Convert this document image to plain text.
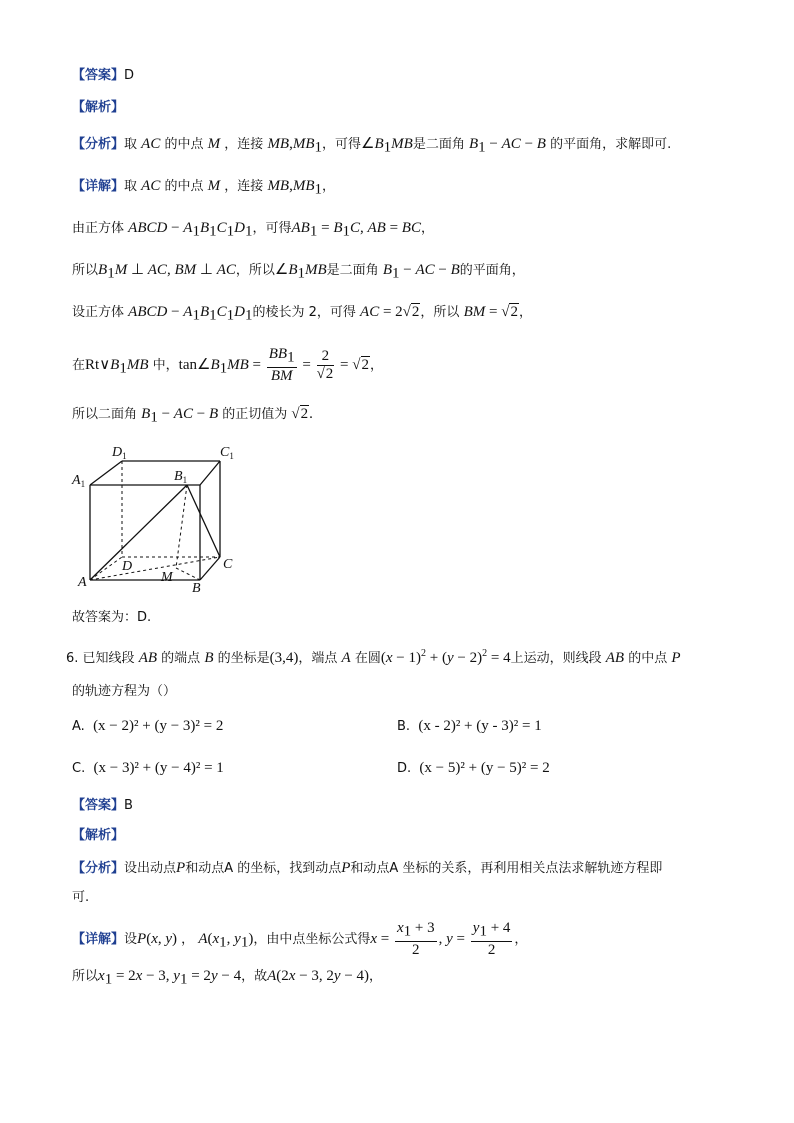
【答案】D
【解析】
【分析】取 AC 的中点 M ，连接 $MB,MB_1$，可得$\angle B_1MB$是二面角 $B_1$ − AC − B 的平面角，求解即可.
【详解】取 AC 的中点 M ，连接 $MB,MB_1$，
由正方体 ABCD − $A_1B_1C_1D_1$，可得$AB_1 = B_1C$, AB = BC，
所以$B_1M$ ⊥ AC, BM ⊥ AC，所以$\angle B_1MB$是二面角 $B_1$ − AC − B的平面角，
设正方体 ABCD − $A_1B_1C_1D_1$的棱长为 2，可得 AC = 2√2，所以 BM = √2，
在$Rt\vee B_1MB$ 中，$\tan\angle B_1MB = \frac{BB_1}{BM} = \frac{2}{√2} = √2$，
所以二面角 $B_1$ − AC − B 的正切值为 √2.
$D_1$	$C_1$
$A_1$	$B_1$
A	B
C
D
M
故答案为：D.
6. 已知线段 AB 的端点 B 的坐标是(3,4)，端点 A 在圆$(x - 1)^2 + (y - 2)^2 = 4$上运动，则线段 AB 的中点 P
的轨迹方程为（）
A. (x − 2)² + (y − 3)² = 2	B. (x - 2)² + (y - 3)² = 1
C. (x − 3)² + (y − 4)² = 1	D. (x − 5)² + (y − 5)² = 2
【答案】B
【解析】
【分析】设出动点P和动点A 的坐标，找到动点P和动点A 坐标的关系，再利用相关点法求解轨迹方程即
可.
【详解】设P(x, y) ， $A(x_1$, $y_1$)，由中点坐标公式得$x = \frac{x_1 + 3}{2}$ , $y = \frac{y_1 + 4}{2}$ ，
所以$x_1 = 2x - 3$, $y_1 = 2y - 4$，故A(2x − 3, 2y − 4)，
